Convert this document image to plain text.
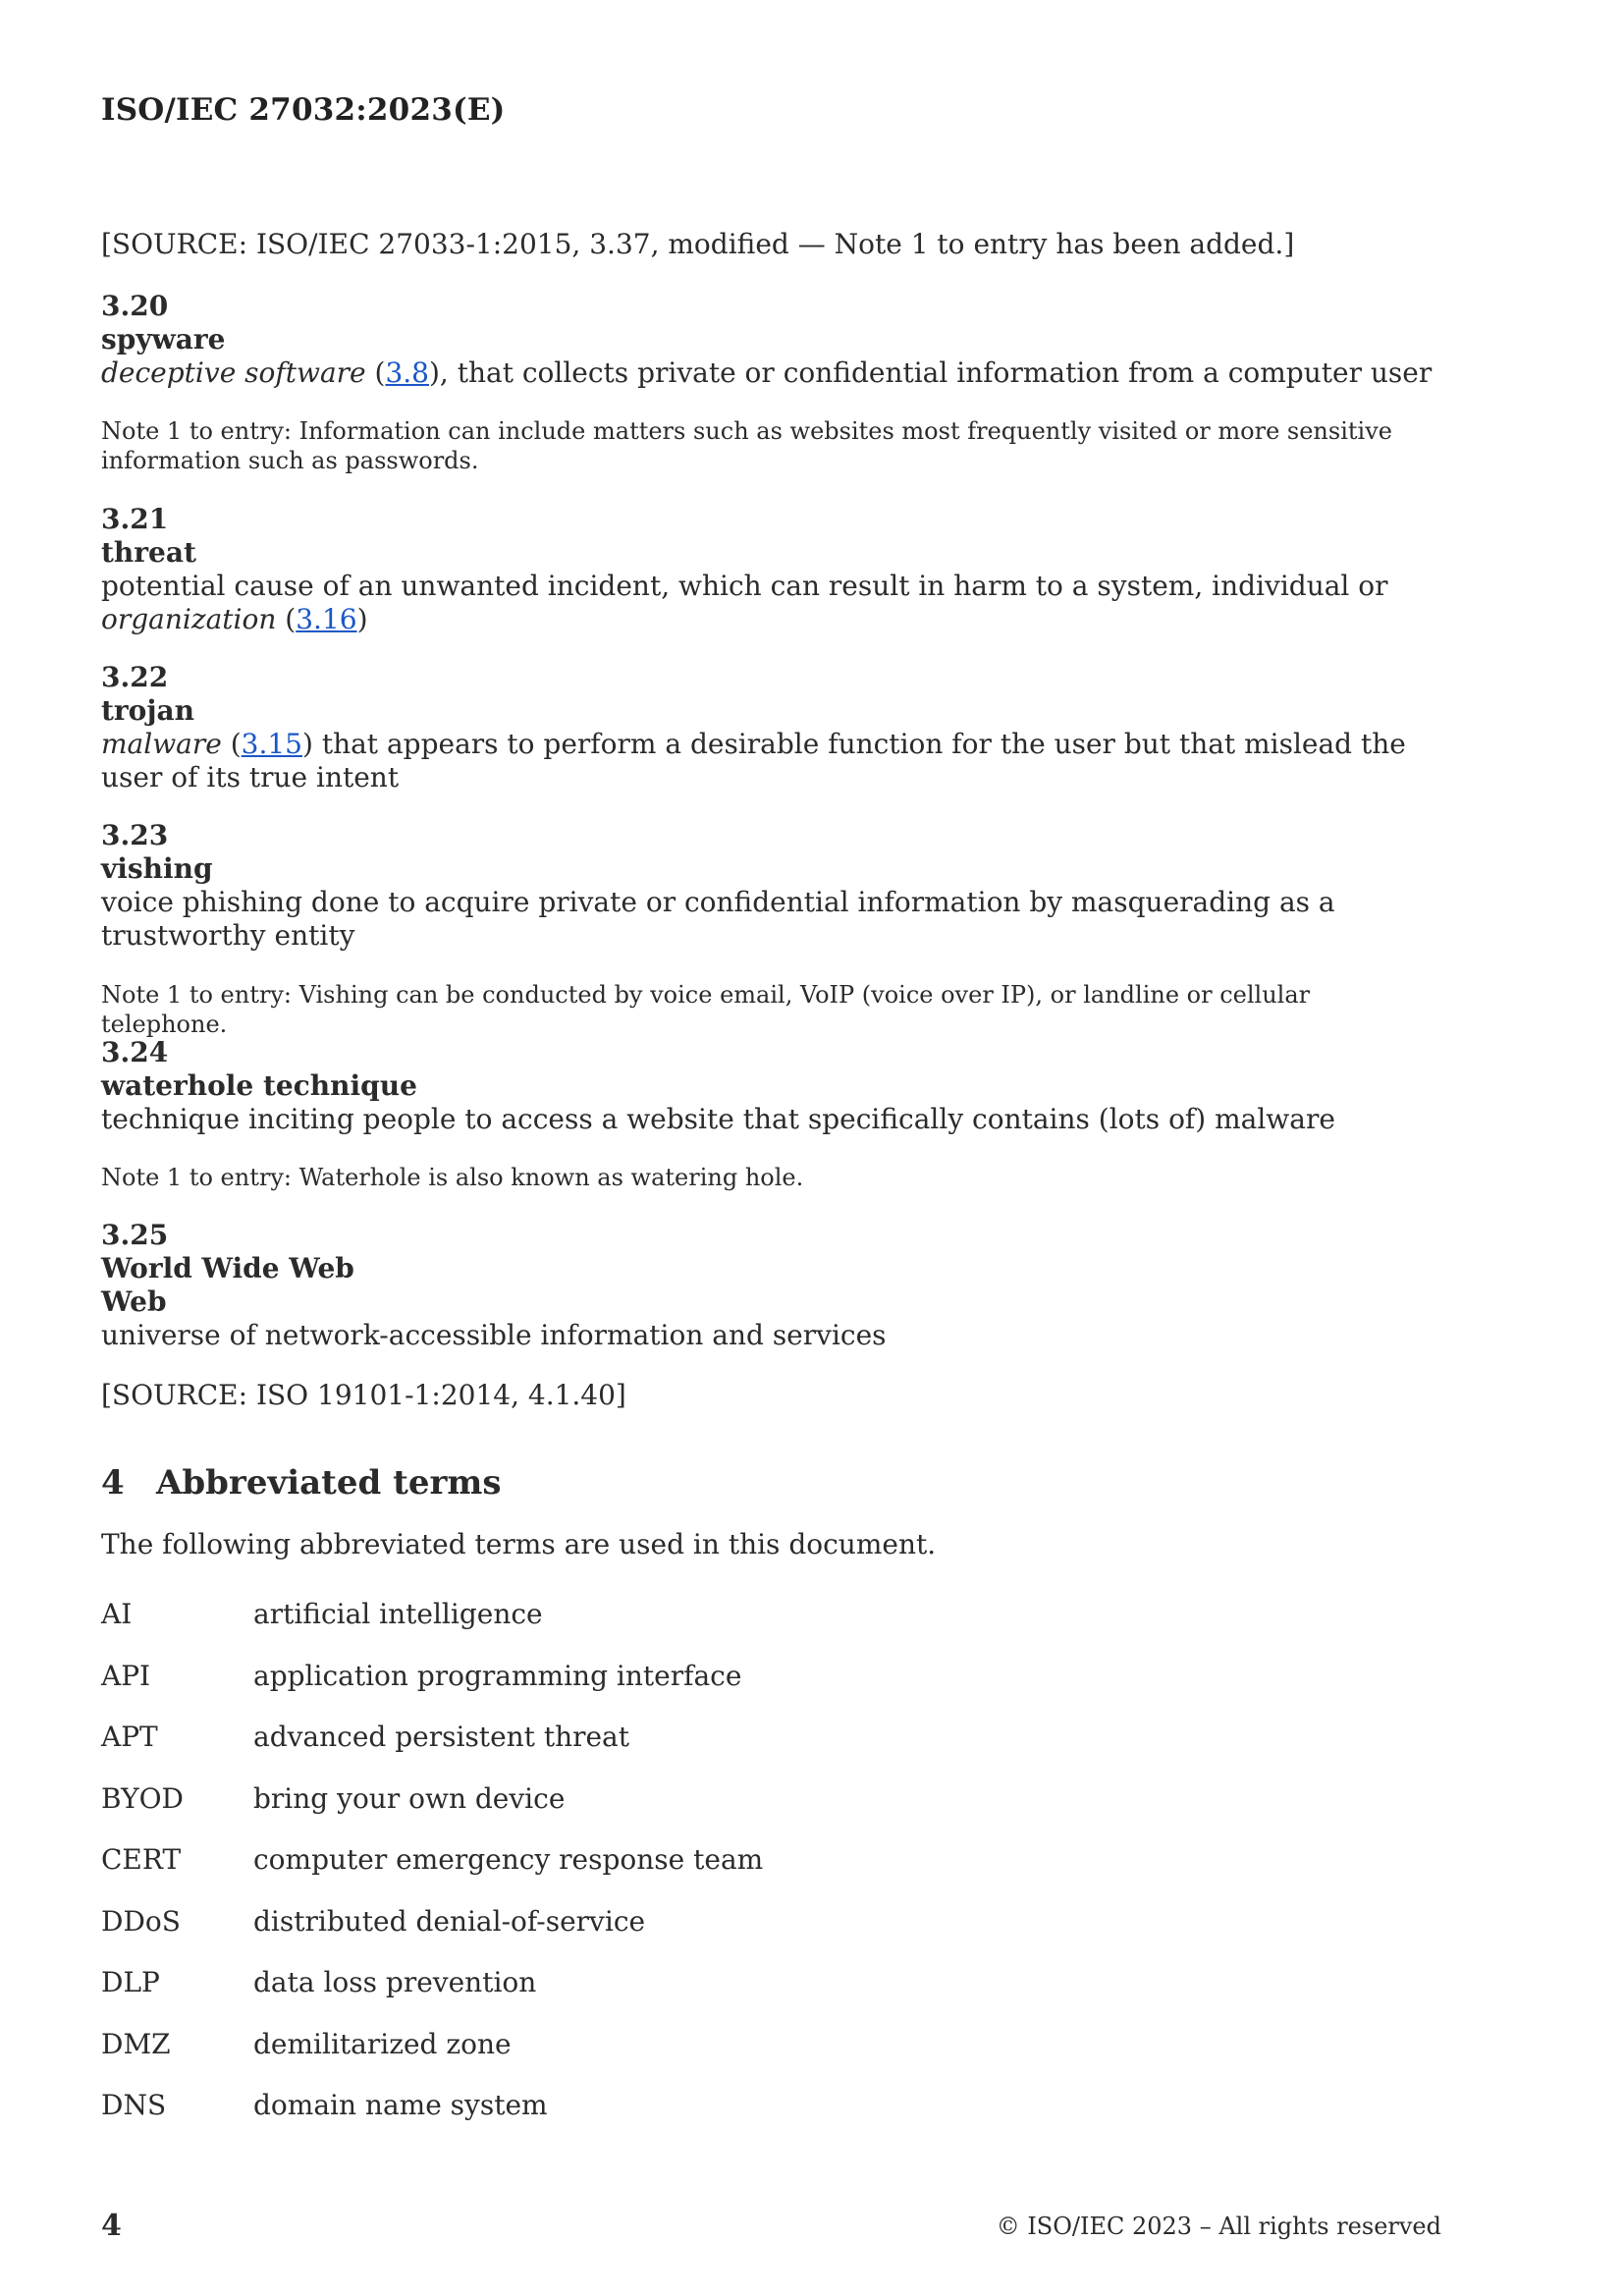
ISO/IEC 27032:2023(E)
[SOURCE: ISO/IEC 27033-1:2015, 3.37, modified — Note 1 to entry has been added.]
3.20
spyware
deceptive software (3.8), that collects private or confidential information from a computer user
Note 1 to entry: Information can include matters such as websites most frequently visited or more sensitive information such as passwords.
3.21
threat
potential cause of an unwanted incident, which can result in harm to a system, individual or organization (3.16)
3.22
trojan
malware (3.15) that appears to perform a desirable function for the user but that mislead the user of its true intent
3.23
vishing
voice phishing done to acquire private or confidential information by masquerading as a trustworthy entity
Note 1 to entry: Vishing can be conducted by voice email, VoIP (voice over IP), or landline or cellular telephone.
3.24
waterhole technique
technique inciting people to access a website that specifically contains (lots of) malware
Note 1 to entry: Waterhole is also known as watering hole.
3.25
World Wide Web
Web
universe of network-accessible information and services
[SOURCE: ISO 19101-1:2014, 4.1.40]
4 Abbreviated terms
The following abbreviated terms are used in this document.
AI	artificial intelligence
API	application programming interface
APT	advanced persistent threat
BYOD	bring your own device
CERT	computer emergency response team
DDoS	distributed denial-of-service
DLP	data loss prevention
DMZ	demilitarized zone
DNS	domain name system
4	© ISO/IEC 2023 – All rights reserved
